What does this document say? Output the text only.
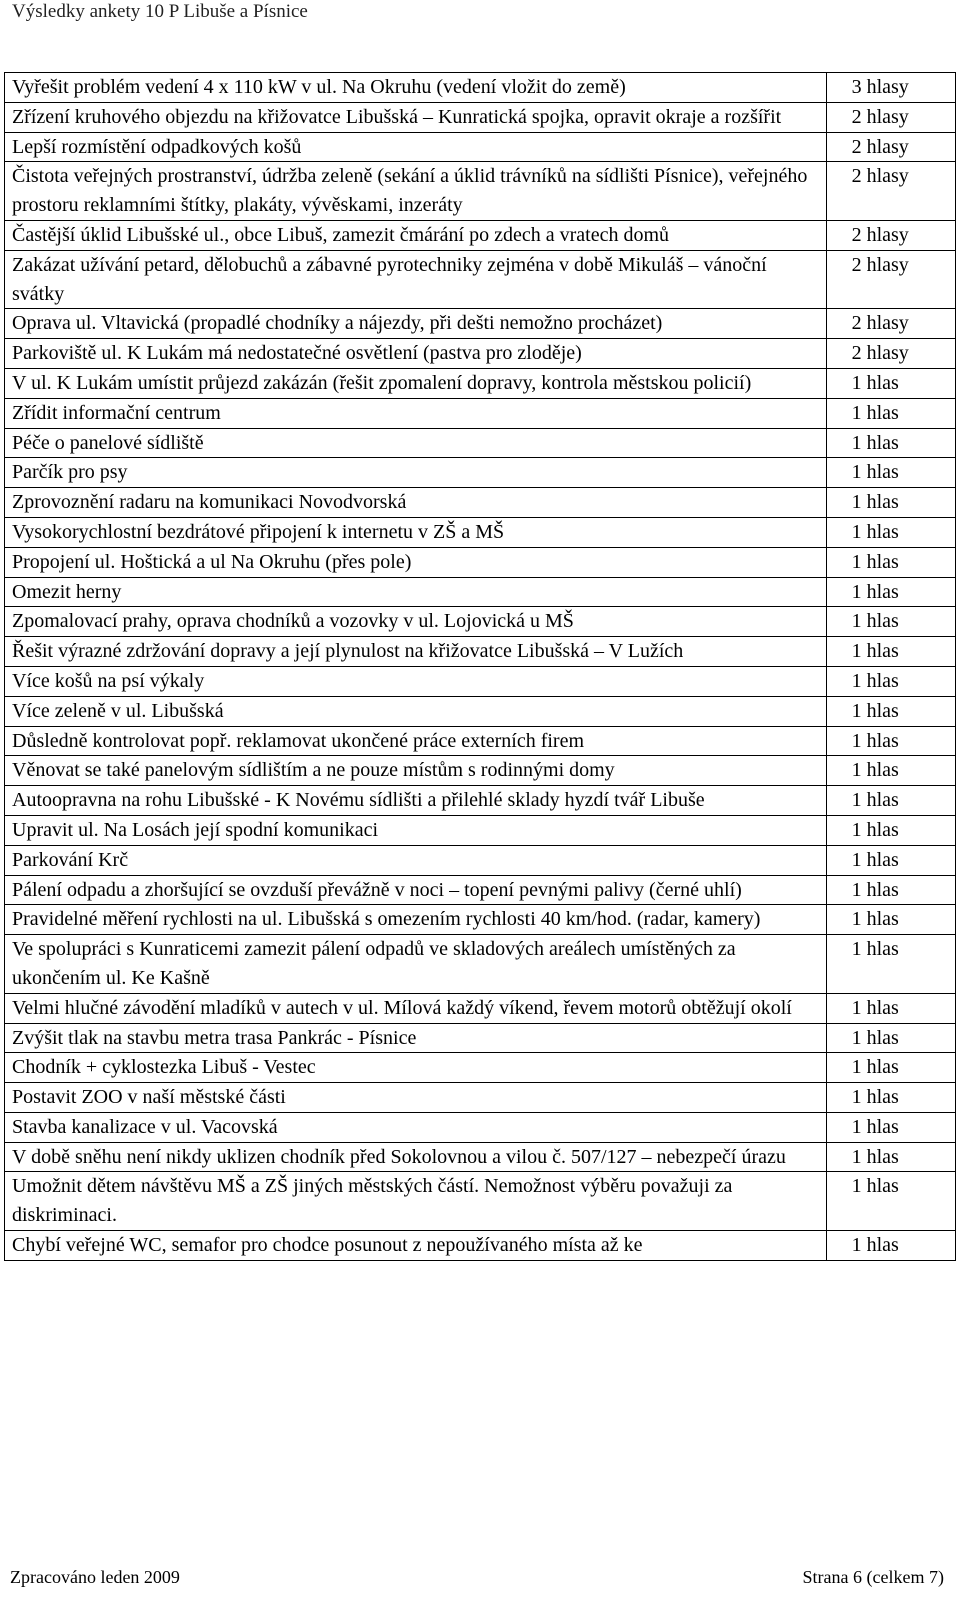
Výsledky ankety 10 P Libuše a Písnice
Vyřešit problém vedení 4 x 110 kW v ul. Na Okruhu (vedení vložit do země)	3 hlasy

Zřízení kruhového objezdu na křižovatce Libušská – Kunratická spojka, opravit okraje a rozšířit	2 hlasy

Lepší rozmístění odpadkových košů	2 hlasy

Čistota veřejných prostranství, údržba zeleně (sekání a úklid trávníků na sídlišti Písnice), veřejného prostoru reklamními štítky, plakáty, vývěskami, inzeráty	2 hlasy

Častější úklid Libušské ul., obce Libuš, zamezit čmárání po zdech a vratech domů	2 hlasy

Zakázat užívání petard, dělobuchů a zábavné pyrotechniky zejména v době Mikuláš – vánoční svátky	2 hlasy

Oprava ul. Vltavická (propadlé chodníky a nájezdy, při dešti nemožno procházet)	2 hlasy

Parkoviště ul. K Lukám má nedostatečné osvětlení (pastva pro zloděje)	2 hlasy

V ul. K Lukám umístit průjezd zakázán (řešit zpomalení dopravy, kontrola městskou policií)	1 hlas

Zřídit informační centrum	1 hlas

Péče o panelové sídliště	1 hlas

Parčík pro psy	1 hlas

Zprovoznění radaru na komunikaci Novodvorská	1 hlas

Vysokorychlostní bezdrátové připojení k internetu v ZŠ a MŠ	1 hlas

Propojení ul. Hoštická a ul Na Okruhu (přes pole)	1 hlas

Omezit herny	1 hlas

Zpomalovací prahy, oprava chodníků a vozovky v ul. Lojovická u MŠ	1 hlas

Řešit výrazné zdržování dopravy a její plynulost na křižovatce Libušská – V Lužích	1 hlas

Více košů na psí výkaly	1 hlas

Více zeleně v ul. Libušská	1 hlas

Důsledně kontrolovat popř. reklamovat ukončené práce externích firem	1 hlas

Věnovat se také panelovým sídlištím a ne pouze místům s rodinnými domy	1 hlas

Autoopravna na rohu Libušské - K Novému sídlišti a přilehlé sklady hyzdí tvář Libuše	1 hlas

Upravit ul. Na Losách její spodní komunikaci	1 hlas

Parkování Krč	1 hlas

Pálení odpadu a zhoršující se ovzduší převážně v noci – topení pevnými palivy (černé uhlí)	1 hlas

Pravidelné měření rychlosti na ul. Libušská s omezením rychlosti 40 km/hod. (radar, kamery)	1 hlas

Ve spolupráci s Kunraticemi zamezit pálení odpadů ve skladových areálech umístěných za ukončením ul. Ke Kašně	1 hlas

Velmi hlučné závodění mladíků v autech v ul. Mílová každý víkend, řevem motorů obtěžují okolí	1 hlas

Zvýšit tlak na stavbu metra trasa Pankrác - Písnice	1 hlas

Chodník + cyklostezka Libuš - Vestec	1 hlas

Postavit ZOO v naší městské části	1 hlas

Stavba kanalizace v ul. Vacovská	1 hlas

V době sněhu není nikdy uklizen chodník před Sokolovnou a vilou č. 507/127 – nebezpečí úrazu	1 hlas

Umožnit dětem návštěvu MŠ a ZŠ jiných městských částí. Nemožnost výběru považuji za diskriminaci.	1 hlas

Chybí veřejné WC, semafor pro chodce posunout z nepoužívaného místa až ke	1 hlas
Zpracováno leden 2009	Strana 6 (celkem 7)
